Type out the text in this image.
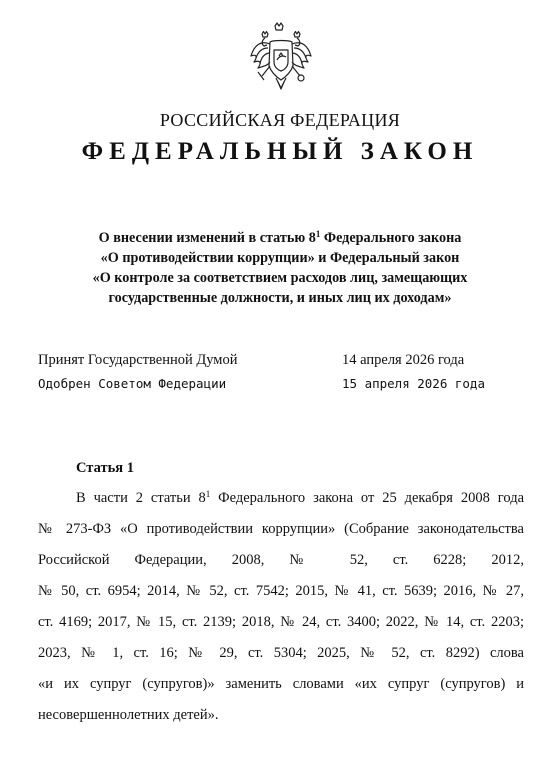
РОССИЙСКАЯ ФЕДЕРАЦИЯ
ФЕДЕРАЛЬНЫЙ ЗАКОН
О внесении изменений в статью $8^1$ Федерального закона
«О противодействии коррупции» и Федеральный закон
«О контроле за соответствием расходов лиц, замещающих
государственные должности, и иных лиц их доходам»
Принят Государственной Думой	14 апреля 2026 года
Одобрен Советом Федерации	15 апреля 2026 года
Статья 1
В части 2 статьи $8^1$ Федерального закона от 25 декабря 2008 года
№ 273-ФЗ «О противодействии коррупции» (Собрание законодательства
Российской Федерации, 2008, № 52, ст. 6228; 2012,
№ 50, ст. 6954; 2014, № 52, ст. 7542; 2015, № 41, ст. 5639; 2016, № 27,
ст. 4169; 2017, № 15, ст. 2139; 2018, № 24, ст. 3400; 2022, № 14, ст. 2203;
2023, № 1, ст. 16; № 29, ст. 5304; 2025, № 52, ст. 8292) слова
«и их супруг (супругов)» заменить словами «их супруг (супругов) и
несовершеннолетних детей».
